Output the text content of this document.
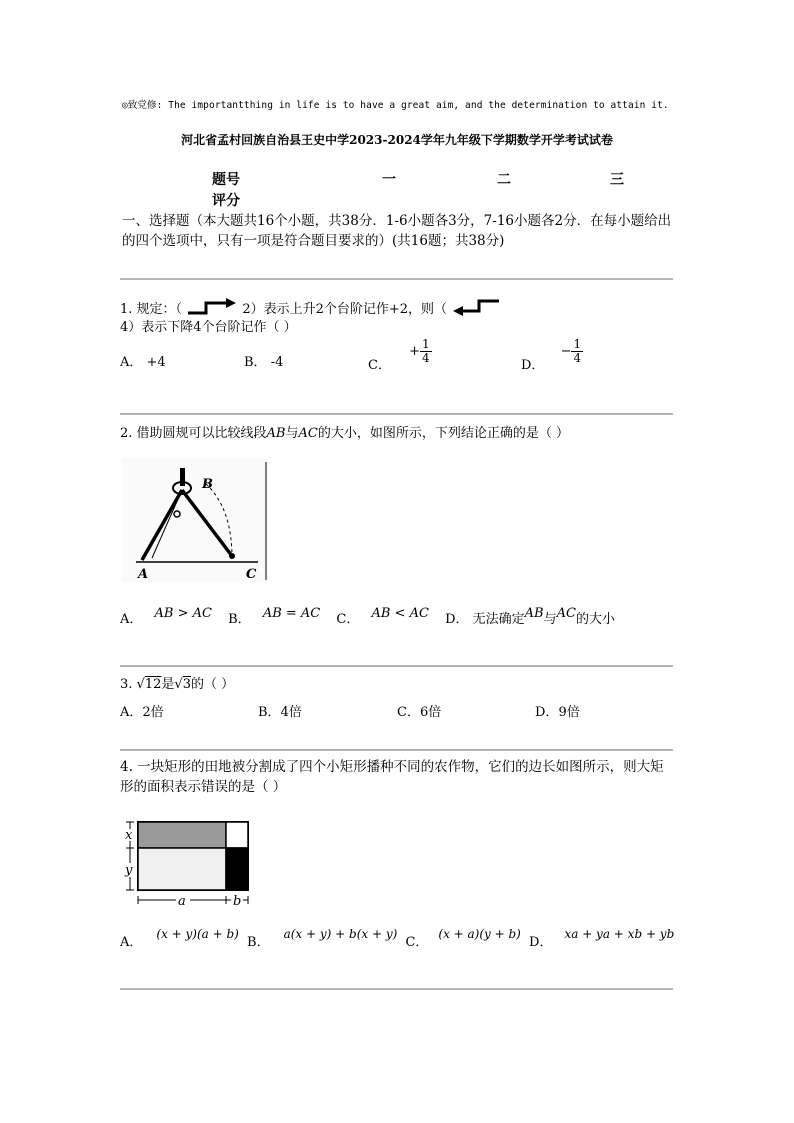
◎致党修: The importantthing in life is to have a great aim, and the determination to attain it.
河北省孟村回族自治县王史中学2023-2024学年九年级下学期数学开学考试试卷
题号	一	二	三
评分
一、选择题（本大题共16个小题，共38分．1-6小题各3分，7-16小题各2分．在每小题给出的四个选项中，只有一项是符合题目要求的）(共16题；共38分)
1. 规定：（	2）表示上升2个台阶记作+2，则（  4）表示下降4个台阶记作（ ）
A． +4	B． -4	C． + $\frac{1}{4}$
D． − $\frac{1}{4}$
2. 借助圆规可以比较线段AB与AC的大小，如图所示，下列结论正确的是（ ）
B
A	C
A． AB > AC B． AB = AC C． AB < AC D． 无法确定AB与AC的大小
3. √12是√3的（ ）
A．2倍	B．4倍	C．6倍	D．9倍
4. 一块矩形的田地被分割成了四个小矩形播种不同的农作物，它们的边长如图所示，则大矩形的面积表示错误的是（ ）
x
y
a	b
A．(x + y)(a + b) B．a(x + y) + b(x + y) C．(x + a)(y + b) D．xa + ya + xb + yb
